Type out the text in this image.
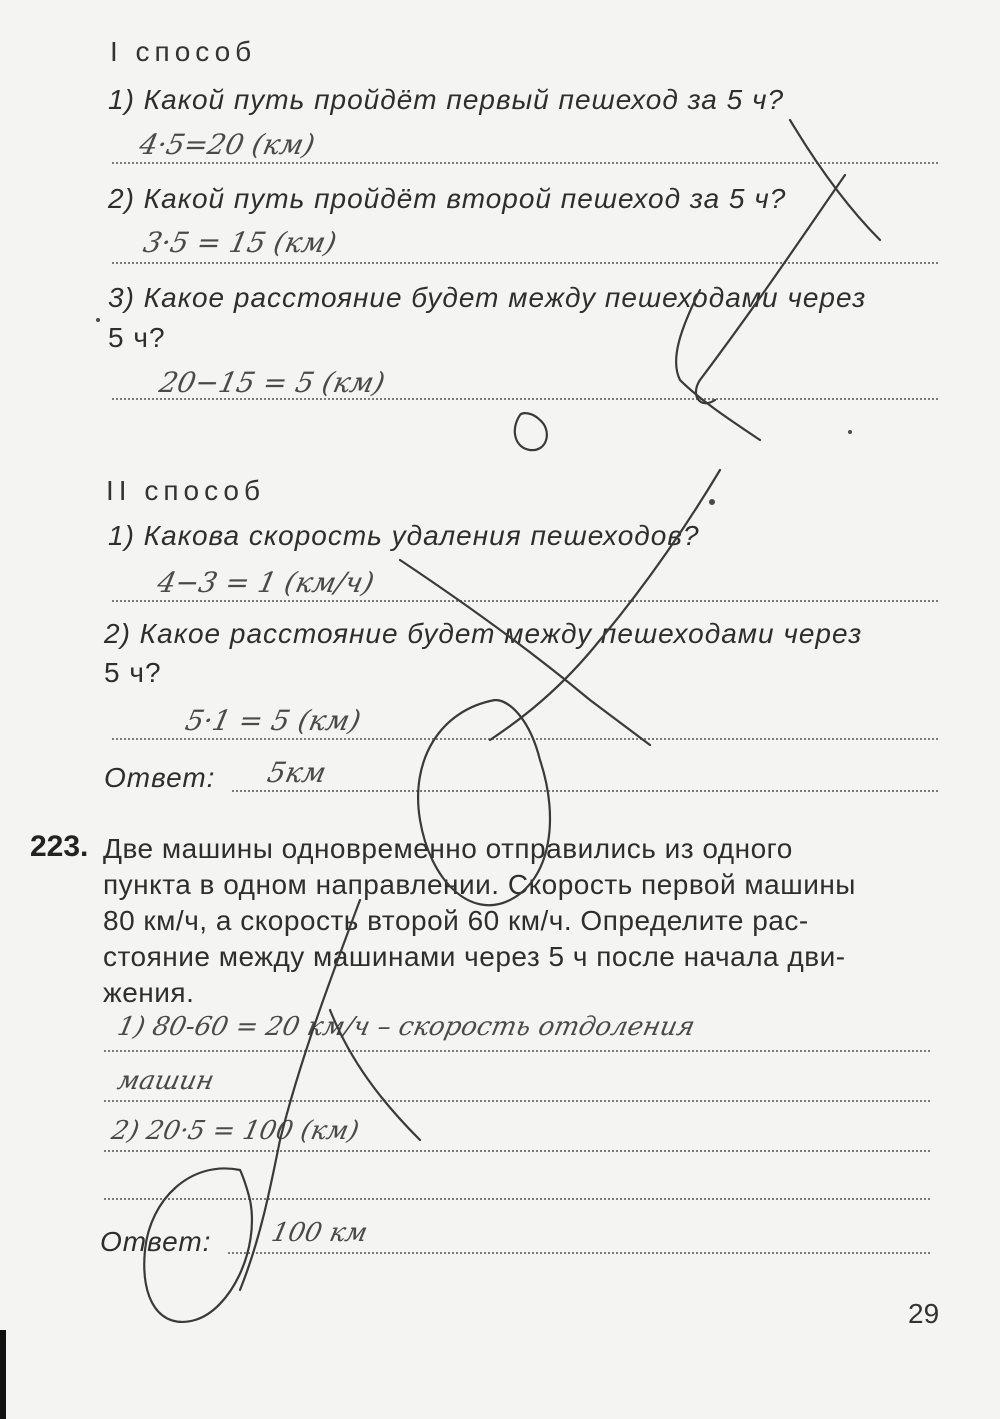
I способ
1) Какой путь пройдёт первый пешеход за 5 ч?
4·5=20 (км)
2) Какой путь пройдёт второй пешеход за 5 ч?
3·5 = 15 (км)
3) Какое расстояние будет между пешеходами через
5 ч?
20−15 = 5 (км)
II способ
1) Какова скорость удаления пешеходов?
4−3 = 1 (км/ч)
2) Какое расстояние будет между пешеходами через
5 ч?
5·1 = 5 (км)
Ответ: 5км
223. Две машины одновременно отправились из одного
пункта в одном направлении. Скорость первой машины
80 км/ч, а скорость второй 60 км/ч. Определите рас-
стояние между машинами через 5 ч после начала дви-
жения.
1) 80-60 = 20 км/ч – скорость отдоления
машин
2) 20·5 = 100 (км)
Ответ: 100 км
29
